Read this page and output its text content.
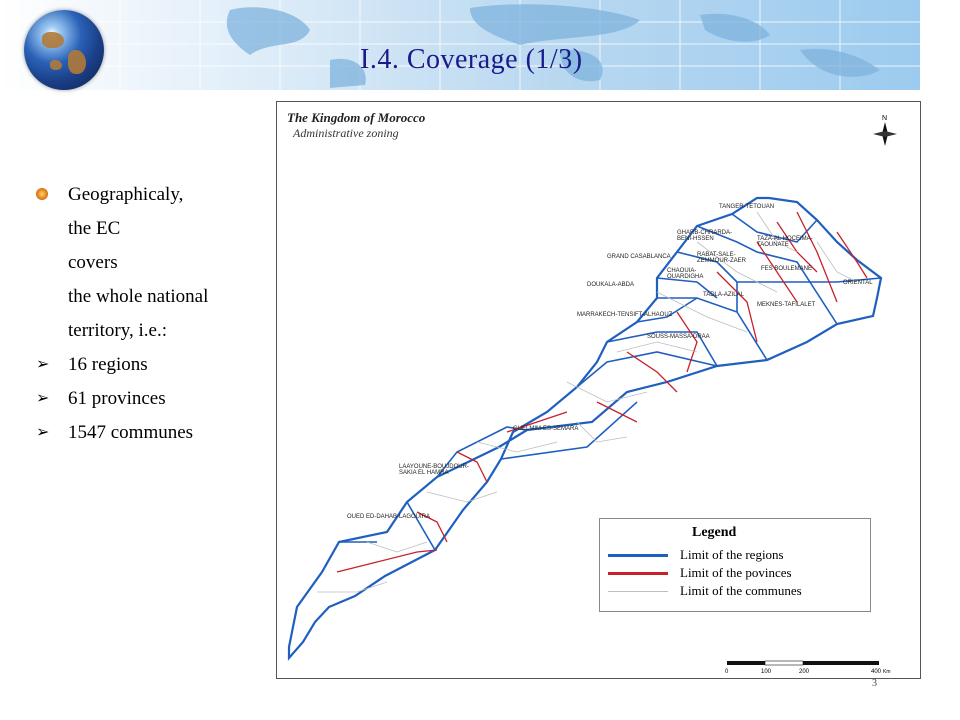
I.4. Coverage (1/3)
Geographicaly,
the EC
covers
the whole national
territory, i.e.:
➢ 16 regions
➢ 61 provinces
➢ 1547 communes
The Kingdom of Morocco
Administrative zoning
N
TANGER-TETOUAN
GHARB-CHRARDA-BENI-HSSEN	TAZA-AL HOCEIMA-TAOUNATE
RABAT-SALE-ZEMMOUR-ZAER
GRAND CASABLANCA
FES BOULEMANE
CHAOUIA-OUARDIGHA
ORIENTAL
DOUKALA-ABDA
TADLA-AZILAL
MEKNES-TAFILALET
MARRAKECH-TENSIFT-ALHAOUZ
SOUSS-MASSA-DRAA
GUELMIM-ES-SEMARA
LAAYOUNE-BOUJDOUR-SAKIA EL HAMRA
OUED ED-DAHAB-LAGOUIRA
Legend
Limit of the regions
Limit of the povinces
Limit of the communes
0	100	200	400 Km
3
